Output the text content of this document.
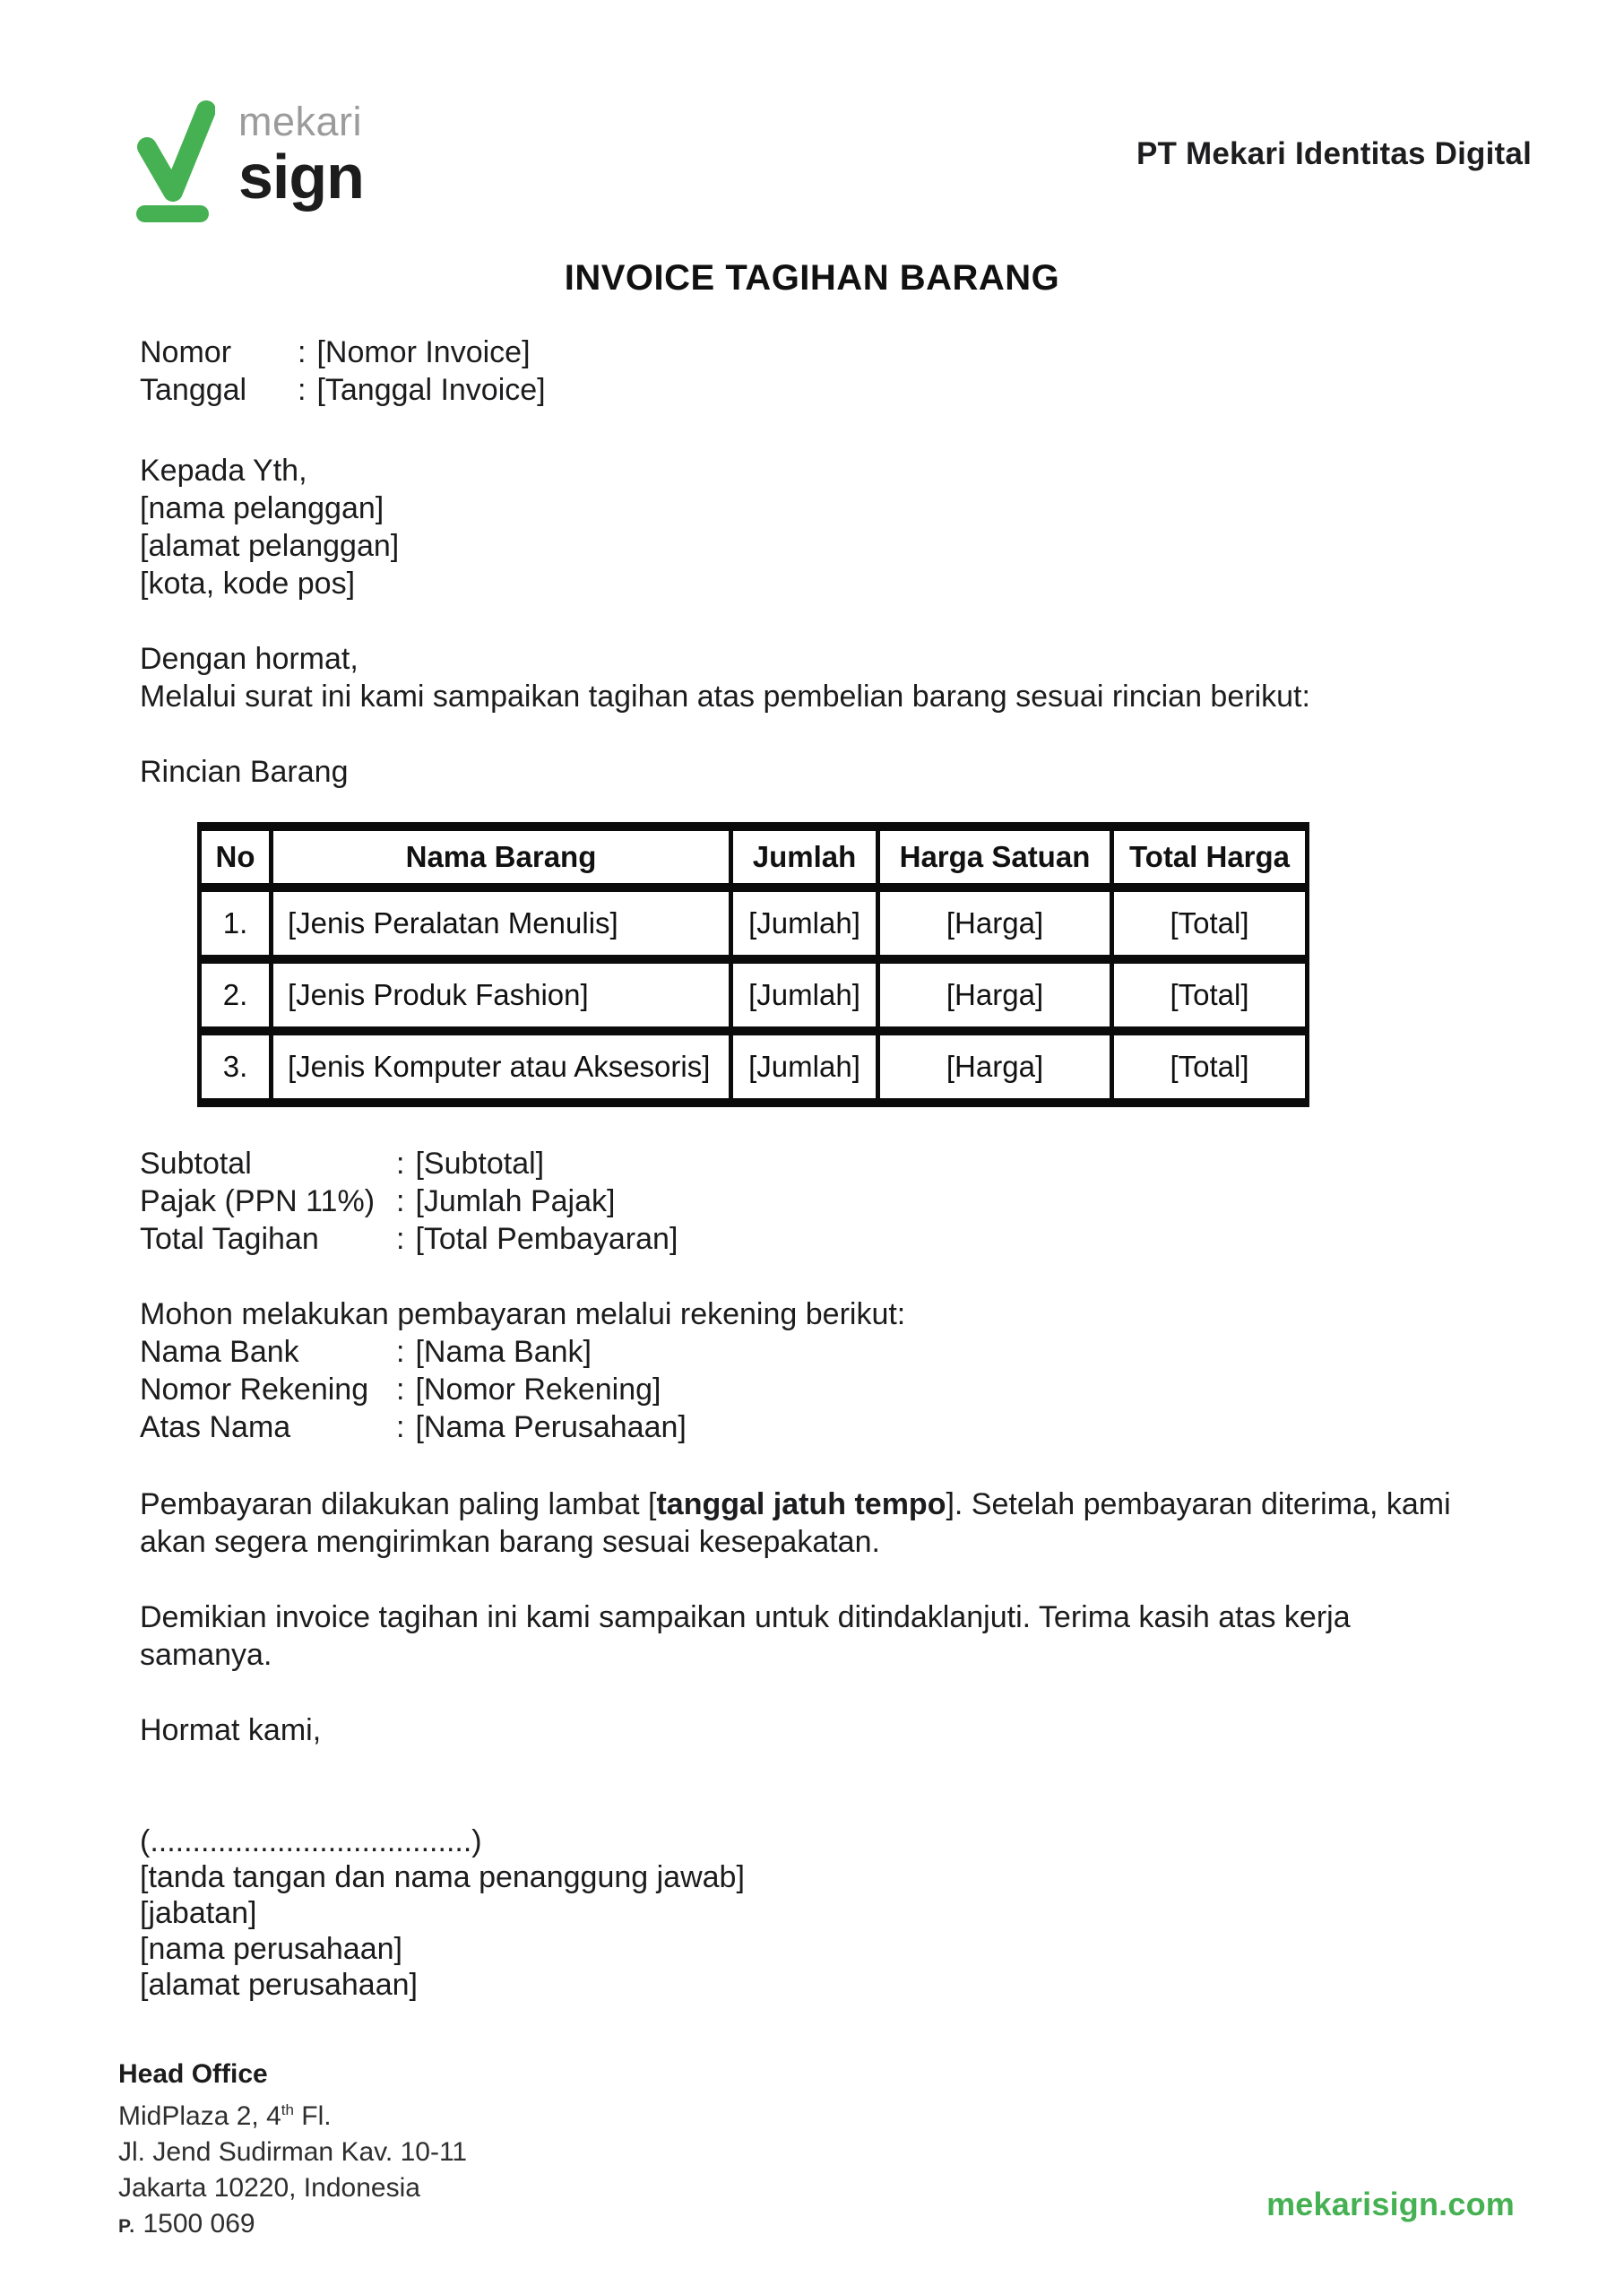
mekari
sign	PT Mekari Identitas Digital
INVOICE TAGIHAN BARANG
Nomor	: [Nomor Invoice]
Tanggal	: [Tanggal Invoice]
Kepada Yth,
[nama pelanggan]
[alamat pelanggan]
[kota, kode pos]
Dengan hormat,
Melalui surat ini kami sampaikan tagihan atas pembelian barang sesuai rincian berikut:
Rincian Barang
No	Nama Barang	Jumlah	Harga Satuan	Total Harga
1.	[Jenis Peralatan Menulis]	[Jumlah]	[Harga]	[Total]
2.	[Jenis Produk Fashion]	[Jumlah]	[Harga]	[Total]
3.	[Jenis Komputer atau Aksesoris]	[Jumlah]	[Harga]	[Total]
Subtotal	: [Subtotal]
Pajak (PPN 11%) : [Jumlah Pajak]
Total Tagihan	: [Total Pembayaran]
Mohon melakukan pembayaran melalui rekening berikut:
Nama Bank	: [Nama Bank]
Nomor Rekening : [Nomor Rekening]
Atas Nama	: [Nama Perusahaan]

Pembayaran dilakukan paling lambat [tanggal jatuh tempo]. Setelah pembayaran diterima, kami
akan segera mengirimkan barang sesuai kesepakatan.

Demikian invoice tagihan ini kami sampaikan untuk ditindaklanjuti. Terima kasih atas kerja
samanya.

Hormat kami,
(......................................)
[tanda tangan dan nama penanggung jawab]
[jabatan]
[nama perusahaan]
[alamat perusahaan]
Head Office
MidPlaza 2, 4th Fl.
Jl. Jend Sudirman Kav. 10-11
Jakarta 10220, Indonesia
P. 1500 069
mekarisign.com
